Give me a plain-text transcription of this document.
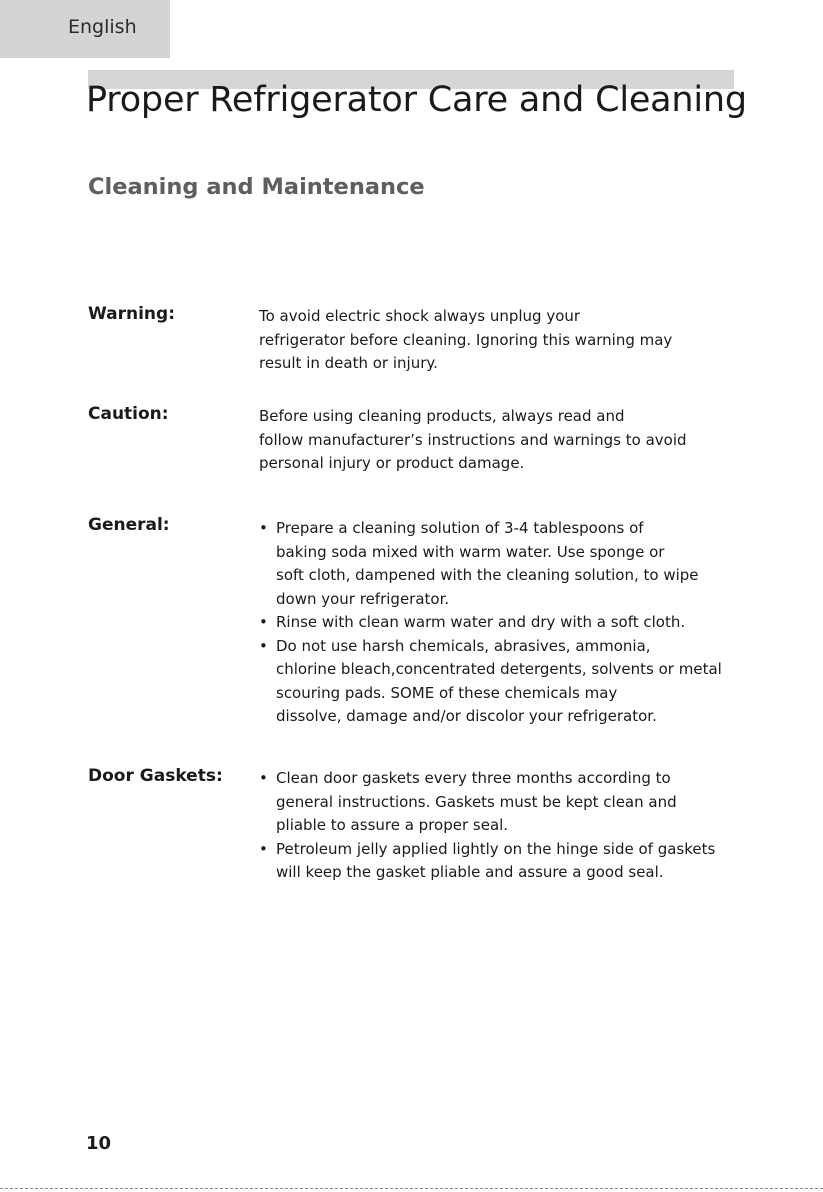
English
Proper Refrigerator Care and Cleaning
Cleaning and Maintenance
Warning:	To avoid electric shock always unplug your
refrigerator before cleaning. Ignoring this warning may
result in death or injury.
Caution:	Before using cleaning products, always read and
follow manufacturer’s instructions and warnings to avoid
personal injury or product damage.
General:	• Prepare a cleaning solution of 3-4 tablespoons of
baking soda mixed with warm water. Use sponge or
soft cloth, dampened with the cleaning solution, to wipe
down your refrigerator.
• Rinse with clean warm water and dry with a soft cloth.
• Do not use harsh chemicals, abrasives, ammonia,
chlorine bleach,concentrated detergents, solvents or metal
scouring pads. SOME of these chemicals may
dissolve, damage and/or discolor your refrigerator.
Door Gaskets: • Clean door gaskets every three months according to
general instructions. Gaskets must be kept clean and
pliable to assure a proper seal.
• Petroleum jelly applied lightly on the hinge side of gaskets
will keep the gasket pliable and assure a good seal.
10
